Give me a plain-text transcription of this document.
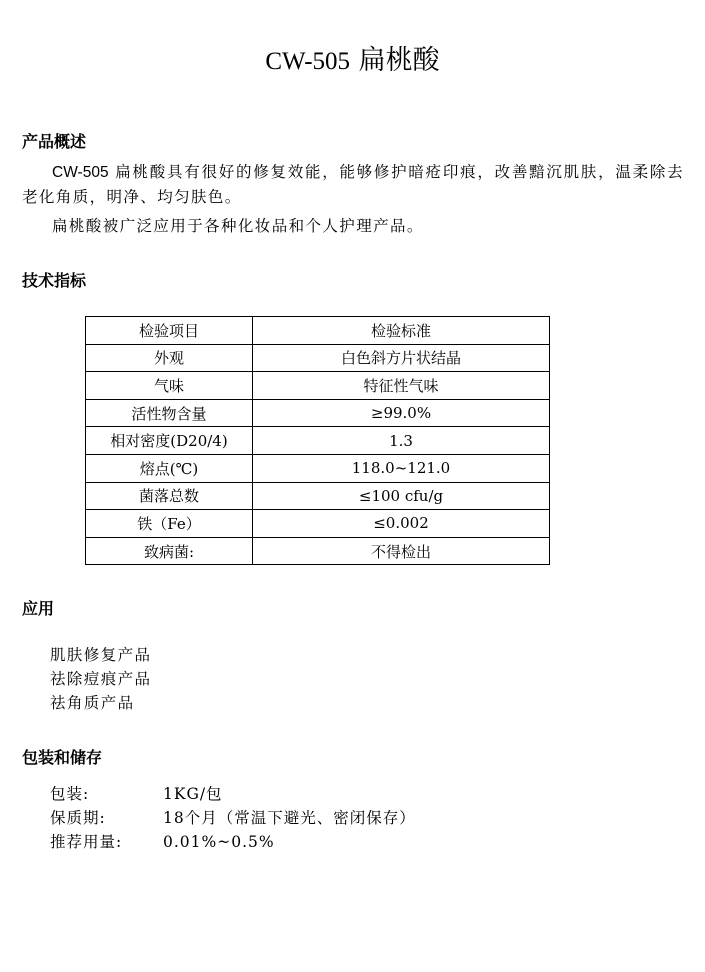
CW-505 扁桃酸
产品概述
CW-505 扁桃酸具有很好的修复效能，能够修护暗疮印痕，改善黯沉肌肤，温柔除去老化角质，明净、均匀肤色。
扁桃酸被广泛应用于各种化妆品和个人护理产品。
技术指标
检验项目	检验标准
外观	白色斜方片状结晶
气味	特征性气味
活性物含量	≥99.0%
相对密度(D20/4)	1.3
熔点(℃)	118.0~121.0
菌落总数	≤100 cfu/g
铁（Fe）	≤0.002
致病菌:	不得检出
应用
肌肤修复产品
祛除痘痕产品
祛角质产品
包装和储存
包装:	1KG/包
保质期:	18个月（常温下避光、密闭保存）
推荐用量:	0.01%~0.5%
